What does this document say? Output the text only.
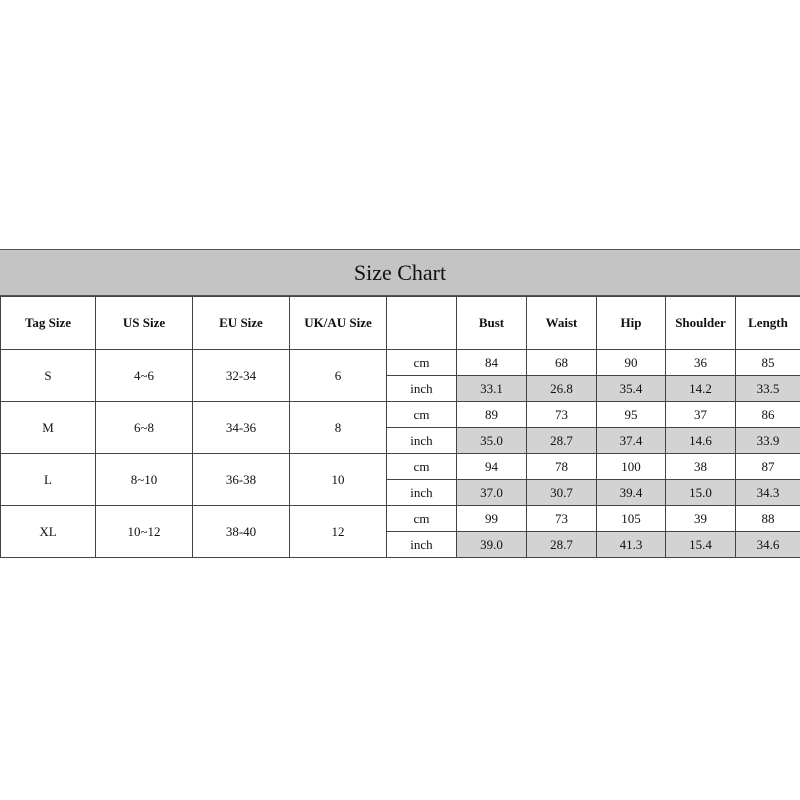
Size Chart
Tag Size	US Size	EU Size	UK/AU Size		Bust	Waist	Hip	Shoulder	Length
S	4~6	32-34	6	cm	84	68	90	36	85
				inch	33.1	26.8	35.4	14.2	33.5
M	6~8	34-36	8	cm	89	73	95	37	86
				inch	35.0	28.7	37.4	14.6	33.9
L	8~10	36-38	10	cm	94	78	100	38	87
				inch	37.0	30.7	39.4	15.0	34.3
XL	10~12	38-40	12	cm	99	73	105	39	88
				inch	39.0	28.7	41.3	15.4	34.6
